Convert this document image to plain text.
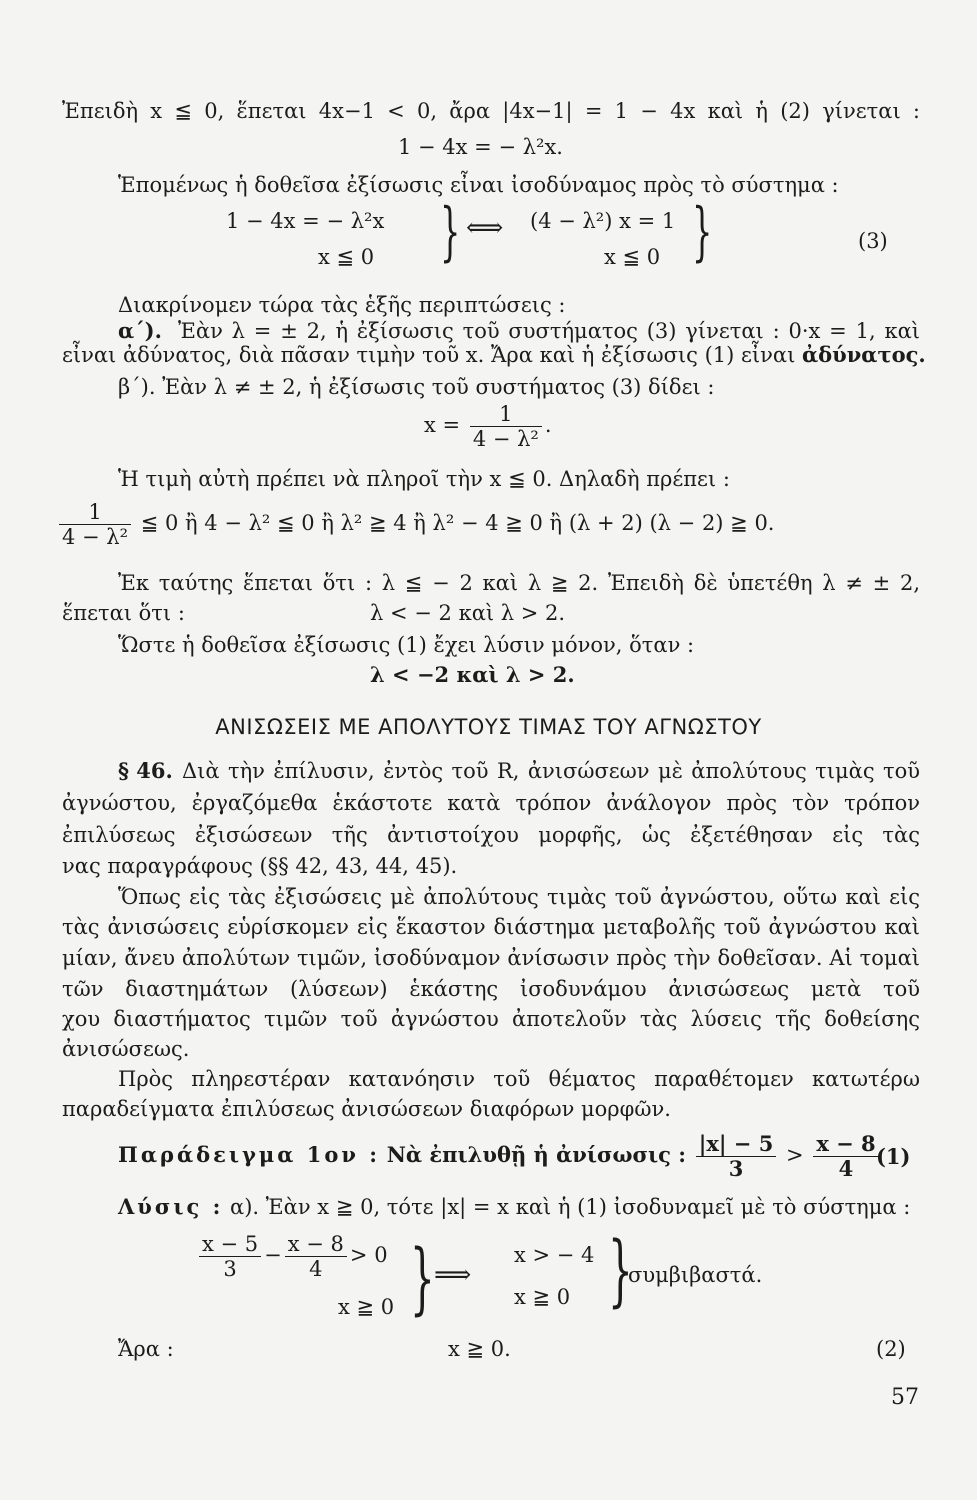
Ἐπειδὴ x ≦ 0, ἕπεται 4x−1 < 0, ἄρα |4x−1| = 1 − 4x καὶ ἡ (2) γίνεται :
1 − 4x = − λ²x.
Ἑπομένως ἡ δοθεῖσα ἐξίσωσις εἶναι ἰσοδύναμος πρὸς τὸ σύστημα :
1 − 4x = − λ²x
x ≦ 0 } ⟺ (4 − λ²) x = 1
x ≦ 0 }	(3)
Διακρίνομεν τώρα τὰς ἑξῆς περιπτώσεις :
α΄). Ἐὰν λ = ± 2, ἡ ἐξίσωσις τοῦ συστήματος (3) γίνεται : 0·x = 1, καὶ
εἶναι ἀδύνατος, διὰ πᾶσαν τιμὴν τοῦ x. Ἄρα καὶ ἡ ἐξίσωσις (1) εἶναι ἀδύνατος.
β΄). Ἐὰν λ ≠ ± 2, ἡ ἐξίσωσις τοῦ συστήματος (3) δίδει :
$x = \frac{1}{\text{4 − λ²}}$ .
Ἡ τιμὴ αὐτὴ πρέπει νὰ πληροῖ τὴν x ≦ 0. Δηλαδὴ πρέπει :
$\frac{1}{\text{4 − λ²}}$ ≦ 0 ἢ 4 − λ² ≦ 0 ἢ λ² ≧ 4 ἢ λ² − 4 ≧ 0 ἢ (λ + 2) (λ − 2) ≧ 0.
Ἐκ ταύτης ἕπεται ὅτι : λ ≦ − 2 καὶ λ ≧ 2. Ἐπειδὴ δὲ ὑπετέθη λ ≠ ± 2,
ἕπεται ὅτι :	λ < − 2 καὶ λ > 2.
Ὥστε ἡ δοθεῖσα ἐξίσωσις (1) ἔχει λύσιν μόνον, ὅταν :
λ < −2 καὶ λ > 2.
ΑΝΙΣΩΣΕΙΣ ΜΕ ΑΠΟΛΥΤΟΥΣ ΤΙΜΑΣ ΤΟΥ ΑΓΝΩΣΤΟΥ
§ 46. Διὰ τὴν ἐπίλυσιν, ἐντὸς τοῦ R, ἀνισώσεων μὲ ἀπολύτους τιμὰς τοῦ
ἀγνώστου, ἐργαζόμεθα ἑκάστοτε κατὰ τρόπον ἀνάλογον πρὸς τὸν τρόπον
ἐπιλύσεως ἐξισώσεων τῆς ἀντιστοίχου μορφῆς, ὡς ἐξετέθησαν εἰς τὰς
νας παραγράφους (§§ 42, 43, 44, 45).
Ὅπως εἰς τὰς ἐξισώσεις μὲ ἀπολύτους τιμὰς τοῦ ἀγνώστου, οὕτω καὶ εἰς
τὰς ἀνισώσεις εὑρίσκομεν εἰς ἕκαστον διάστημα μεταβολῆς τοῦ ἀγνώστου καὶ
μίαν, ἄνευ ἀπολύτων τιμῶν, ἰσοδύναμον ἀνίσωσιν πρὸς τὴν δοθεῖσαν. Αἱ τομαὶ
τῶν διαστημάτων (λύσεων) ἑκάστης ἰσοδυνάμου ἀνισώσεως μετὰ τοῦ
χου διαστήματος τιμῶν τοῦ ἀγνώστου ἀποτελοῦν τὰς λύσεις τῆς δοθείσης
ἀνισώσεως.
Πρὸς πληρεστέραν κατανόησιν τοῦ θέματος παραθέτομεν κατωτέρω
παραδείγματα ἐπιλύσεως ἀνισώσεων διαφόρων μορφῶν.
Παράδειγμα 1ον : Νὰ ἐπιλυθῇ ἡ ἀνίσωσις : $\frac{|x| - 5}{3} > \frac{x - 8}{4}$
(1)
Λύσις : α). Ἐὰν x ≧ 0, τότε |x| = x καὶ ἡ (1) ἰσοδυναμεῖ μὲ τὸ σύστημα :
$\frac{x - 5}{3} - \frac{x - 8}{4} > 0$
x ≧ 0 } ⟹
x > − 4
x ≧ 0 }
συμβιβαστά.
Ἄρα :	x ≧ 0.	(2)
57
